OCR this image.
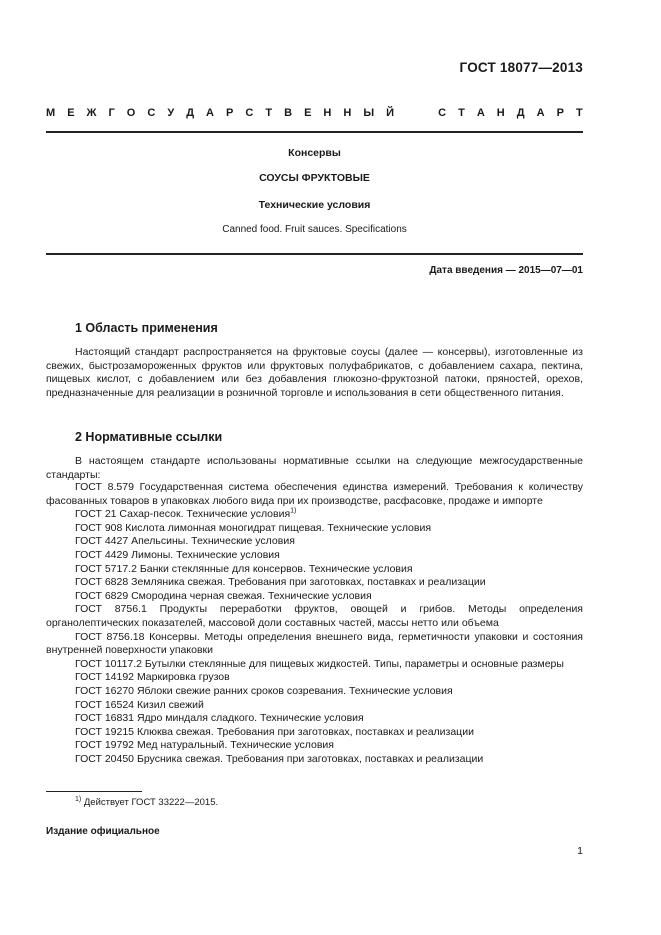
ГОСТ 18077—2013
М Е Ж Г О С У Д А Р С Т В Е Н Н Ы Й	С Т А Н Д А Р Т
Консервы
СОУСЫ ФРУКТОВЫЕ
Технические условия
Canned food. Fruit sauces. Specifications
Дата введения — 2015—07—01
1 Область применения
Настоящий стандарт распространяется на фруктовые соусы (далее — консервы), изготовленные из свежих, быстрозамороженных фруктов или фруктовых полуфабрикатов, с добавлением сахара, пектина, пищевых кислот, с добавлением или без добавления глюкозно-фруктозной патоки, пряностей, орехов, предназначенные для реализации в розничной торговле и использования в сети общественного питания.
2 Нормативные ссылки
В настоящем стандарте использованы нормативные ссылки на следующие межгосударственные стандарты:
ГОСТ 8.579 Государственная система обеспечения единства измерений. Требования к количеству фасованных товаров в упаковках любого вида при их производстве, расфасовке, продаже и импорте
ГОСТ 21 Сахар-песок. Технические условия$^{1)}$
ГОСТ 908 Кислота лимонная моногидрат пищевая. Технические условия
ГОСТ 4427 Апельсины. Технические условия
ГОСТ 4429 Лимоны. Технические условия
ГОСТ 5717.2 Банки стеклянные для консервов. Технические условия
ГОСТ 6828 Земляника свежая. Требования при заготовках, поставках и реализации
ГОСТ 6829 Смородина черная свежая. Технические условия
ГОСТ 8756.1 Продукты переработки фруктов, овощей и грибов. Методы определения органолептических показателей, массовой доли составных частей, массы нетто или объема
ГОСТ 8756.18 Консервы. Методы определения внешнего вида, герметичности упаковки и состояния внутренней поверхности упаковки
ГОСТ 10117.2 Бутылки стеклянные для пищевых жидкостей. Типы, параметры и основные размеры
ГОСТ 14192 Маркировка грузов
ГОСТ 16270 Яблоки свежие ранних сроков созревания. Технические условия
ГОСТ 16524 Кизил свежий
ГОСТ 16831 Ядро миндаля сладкого. Технические условия
ГОСТ 19215 Клюква свежая. Требования при заготовках, поставках и реализации
ГОСТ 19792 Мед натуральный. Технические условия
ГОСТ 20450 Брусника свежая. Требования при заготовках, поставках и реализации
$^{1)}$ Действует ГОСТ 33222—2015.
Издание официальное
1
